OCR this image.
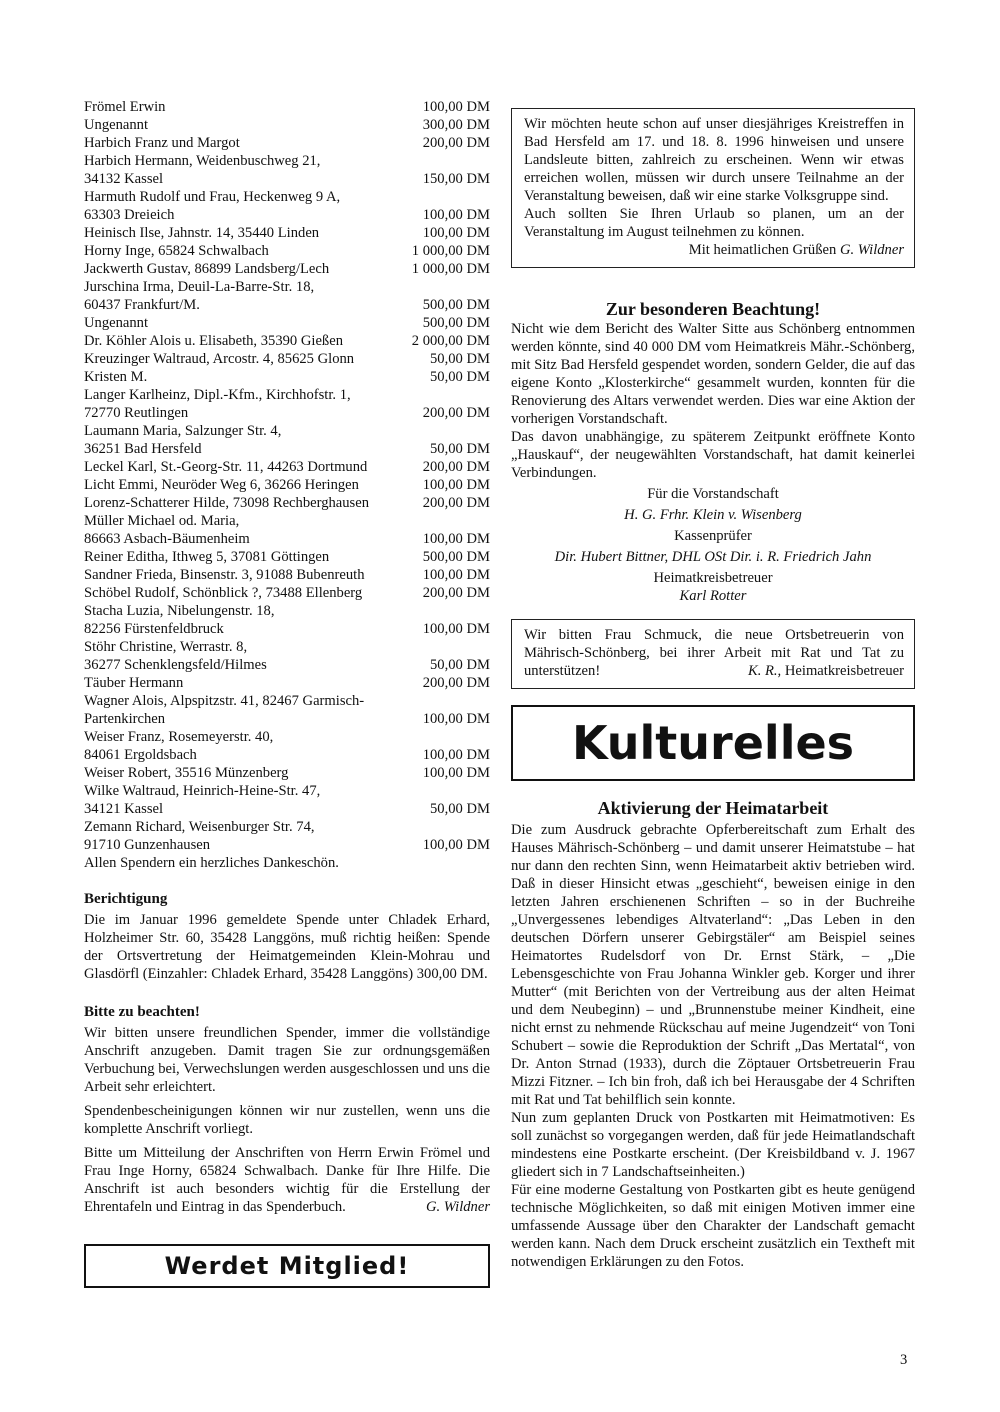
Frömel Erwin	100,00 DM
Ungenannt	300,00 DM
Harbich Franz und Margot	200,00 DM
Harbich Hermann, Weidenbuschweg 21,
34132 Kassel	150,00 DM
Harmuth Rudolf und Frau, Heckenweg 9 A,
63303 Dreieich	100,00 DM
Heinisch Ilse, Jahnstr. 14, 35440 Linden	100,00 DM
Horny Inge, 65824 Schwalbach	1 000,00 DM
Jackwerth Gustav, 86899 Landsberg/Lech	1 000,00 DM
Jurschina Irma, Deuil-La-Barre-Str. 18,
60437 Frankfurt/M.	500,00 DM
Ungenannt	500,00 DM
Dr. Köhler Alois u. Elisabeth, 35390 Gießen	2 000,00 DM
Kreuzinger Waltraud, Arcostr. 4, 85625 Glonn	50,00 DM
Kristen M.	50,00 DM
Langer Karlheinz, Dipl.-Kfm., Kirchhofstr. 1,
72770 Reutlingen	200,00 DM
Laumann Maria, Salzunger Str. 4,
36251 Bad Hersfeld	50,00 DM
Leckel Karl, St.-Georg-Str. 11, 44263 Dortmund	200,00 DM
Licht Emmi, Neuröder Weg 6, 36266 Heringen	100,00 DM
Lorenz-Schatterer Hilde, 73098 Rechberghausen	200,00 DM
Müller Michael od. Maria,
86663 Asbach-Bäumenheim	100,00 DM
Reiner Editha, Ithweg 5, 37081 Göttingen	500,00 DM
Sandner Frieda, Binsenstr. 3, 91088 Bubenreuth	100,00 DM
Schöbel Rudolf, Schönblick ?, 73488 Ellenberg	200,00 DM
Stacha Luzia, Nibelungenstr. 18,
82256 Fürstenfeldbruck	100,00 DM
Stöhr Christine, Werrastr. 8,
36277 Schenklengsfeld/Hilmes	50,00 DM
Täuber Hermann	200,00 DM
Wagner Alois, Alpspitzstr. 41, 82467 Garmisch-
Partenkirchen	100,00 DM
Weiser Franz, Rosemeyerstr. 40,
84061 Ergoldsbach	100,00 DM
Weiser Robert, 35516 Münzenberg	100,00 DM
Wilke Waltraud, Heinrich-Heine-Str. 47,
34121 Kassel	50,00 DM
Zemann Richard, Weisenburger Str. 74,
91710 Gunzenhausen	100,00 DM
Allen Spendern ein herzliches Dankeschön.
Berichtigung

Die im Januar 1996 gemeldete Spende unter Chladek Erhard, Holzheimer Str. 60, 35428 Langgöns, muß richtig heißen: Spende der Ortsvertretung der Heimatgemeinden Klein-Mohrau und Glasdörfl (Einzahler: Chladek Erhard, 35428 Langgöns) 300,00 DM.

Bitte zu beachten!

Wir bitten unsere freundlichen Spender, immer die vollständige Anschrift anzugeben. Damit tragen Sie zur ordnungsgemäßen Verbuchung bei, Verwechslungen werden ausgeschlossen und uns die Arbeit sehr erleichtert.

Spendenbescheinigungen können wir nur zustellen, wenn uns die komplette Anschrift vorliegt.

Bitte um Mitteilung der Anschriften von Herrn Erwin Frömel und Frau Inge Horny, 65824 Schwalbach. Danke für Ihre Hilfe. Die Anschrift ist auch besonders wichtig für die Erstellung der Ehrentafeln und Eintrag in das Spenderbuch.	G. Wildner
Werdet Mitglied!

Wir möchten heute schon auf unser diesjähriges Kreistreffen in Bad Hersfeld am 17. und 18. 8. 1996 hinweisen und unsere Landsleute bitten, zahlreich zu erscheinen. Wenn wir etwas erreichen wollen, müssen wir durch unsere Teilnahme an der Veranstaltung beweisen, daß wir eine starke Volksgruppe sind.

Auch sollten Sie Ihren Urlaub so planen, um an der Veranstaltung im August teilnehmen zu können.

Mit heimatlichen Grüßen
G. Wildner
Zur besonderen Beachtung!

Nicht wie dem Bericht des Walter Sitte aus Schönberg entnommen werden könnte, sind 40 000 DM vom Heimatkreis Mähr.-Schönberg, mit Sitz Bad Hersfeld gespendet worden, sondern Gelder, die auf das eigene Konto „Klosterkirche“ gesammelt wurden, konnten für die Renovierung des Altars verwendet werden. Dies war eine Aktion der vorherigen Vorstandschaft.

Das davon unabhängige, zu späterem Zeitpunkt eröffnete Konto „Hauskauf“, der neugewählten Vorstandschaft, hat damit keinerlei Verbindungen.

Für die Vorstandschaft

H. G. Frhr. Klein v. Wisenberg

Kassenprüfer

Dir. Hubert Bittner, DHL OSt Dir. i. R. Friedrich Jahn

Heimatkreisbetreuer

Karl Rotter

Wir bitten Frau Schmuck, die neue Ortsbetreuerin von Mährisch-Schönberg, bei ihrer Arbeit mit Rat und Tat zu unterstützen!	K. R.,
Heimatkreisbetreuer
Kulturelles
Aktivierung der Heimatarbeit

Die zum Ausdruck gebrachte Opferbereitschaft zum Erhalt des Hauses Mährisch-Schönberg – und damit unserer Heimatstube – hat nur dann den rechten Sinn, wenn Heimatarbeit aktiv betrieben wird. Daß in dieser Hinsicht etwas „geschieht“, beweisen einige in den letzten Jahren erschienenen Schriften – so in der Buchreihe „Unvergessenes lebendiges Altvaterland“: „Das Leben in den deutschen Dörfern unserer Gebirgstäler“ am Beispiel seines Heimatortes Rudelsdorf von Dr. Ernst Stärk, – „Die Lebensgeschichte von Frau Johanna Winkler geb. Korger und ihrer Mutter“ (mit Berichten von der Vertreibung aus der alten Heimat und dem Neubeginn) – und „Brunnenstube meiner Kindheit, eine nicht ernst zu nehmende Rückschau auf meine Jugendzeit“ von Toni Schubert – sowie die Reproduktion der Schrift „Das Mertatal“, von Dr. Anton Strnad (1933), durch die Zöptauer Ortsbetreuerin Frau Mizzi Fitzner. – Ich bin froh, daß ich bei Herausgabe der 4 Schriften mit Rat und Tat behilflich sein konnte.

Nun zum geplanten Druck von Postkarten mit Heimatmotiven: Es soll zunächst so vorgegangen werden, daß für jede Heimatlandschaft mindestens eine Postkarte erscheint. (Der Kreisbildband v. J. 1967 gliedert sich in 7 Landschaftseinheiten.)

Für eine moderne Gestaltung von Postkarten gibt es heute genügend technische Möglichkeiten, so daß mit einigen Motiven immer eine umfassende Aussage über den Charakter der Landschaft gemacht werden kann. Nach dem Druck erscheint zusätzlich ein Textheft mit notwendigen Erklärungen zu den Fotos.

3
